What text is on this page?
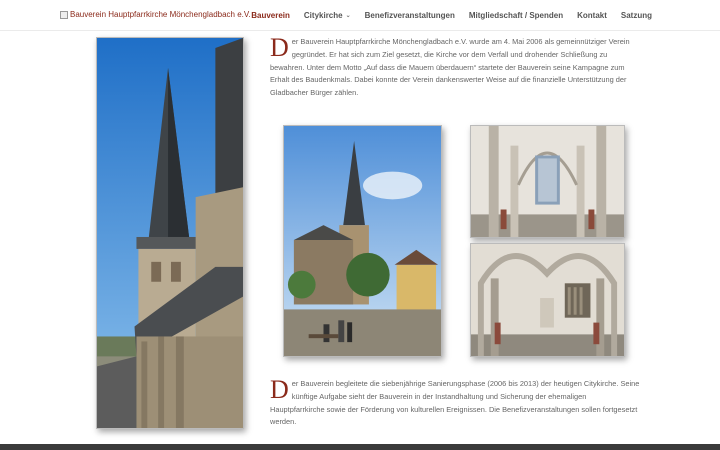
Bauverein Hauptpfarrkirche Mönchengladbach e.V. Bauverein Citykirche ⌄ Benefizveranstaltungen Mitgliedschaft / Spenden Kontakt Satzung
D er Bauverein Hauptpfarrkirche Mönchengladbach e.V. wurde am 4. Mai 2006 als gemeinnütziger Verein gegründet. Er hat sich zum Ziel gesetzt, die Kirche vor dem Verfall und drohender Schließung zu bewahren. Unter dem Motto „Auf dass die Mauern überdauern“ startete der Bauverein seine Kampagne zum Erhalt des Baudenkmals. Dabei konnte der Verein dankenswerter Weise auf die finanzielle Unterstützung der Gladbacher Bürger zählen.
D er Bauverein begleitete die siebenjährige Sanierungsphase (2006 bis 2013) der heutigen Citykirche. Seine künftige Aufgabe sieht der Bauverein in der Instandhaltung und Sicherung der ehemaligen Hauptpfarrkirche sowie der Förderung von kulturellen Ereignissen. Die Benefizveranstaltungen sollen fortgesetzt werden.
